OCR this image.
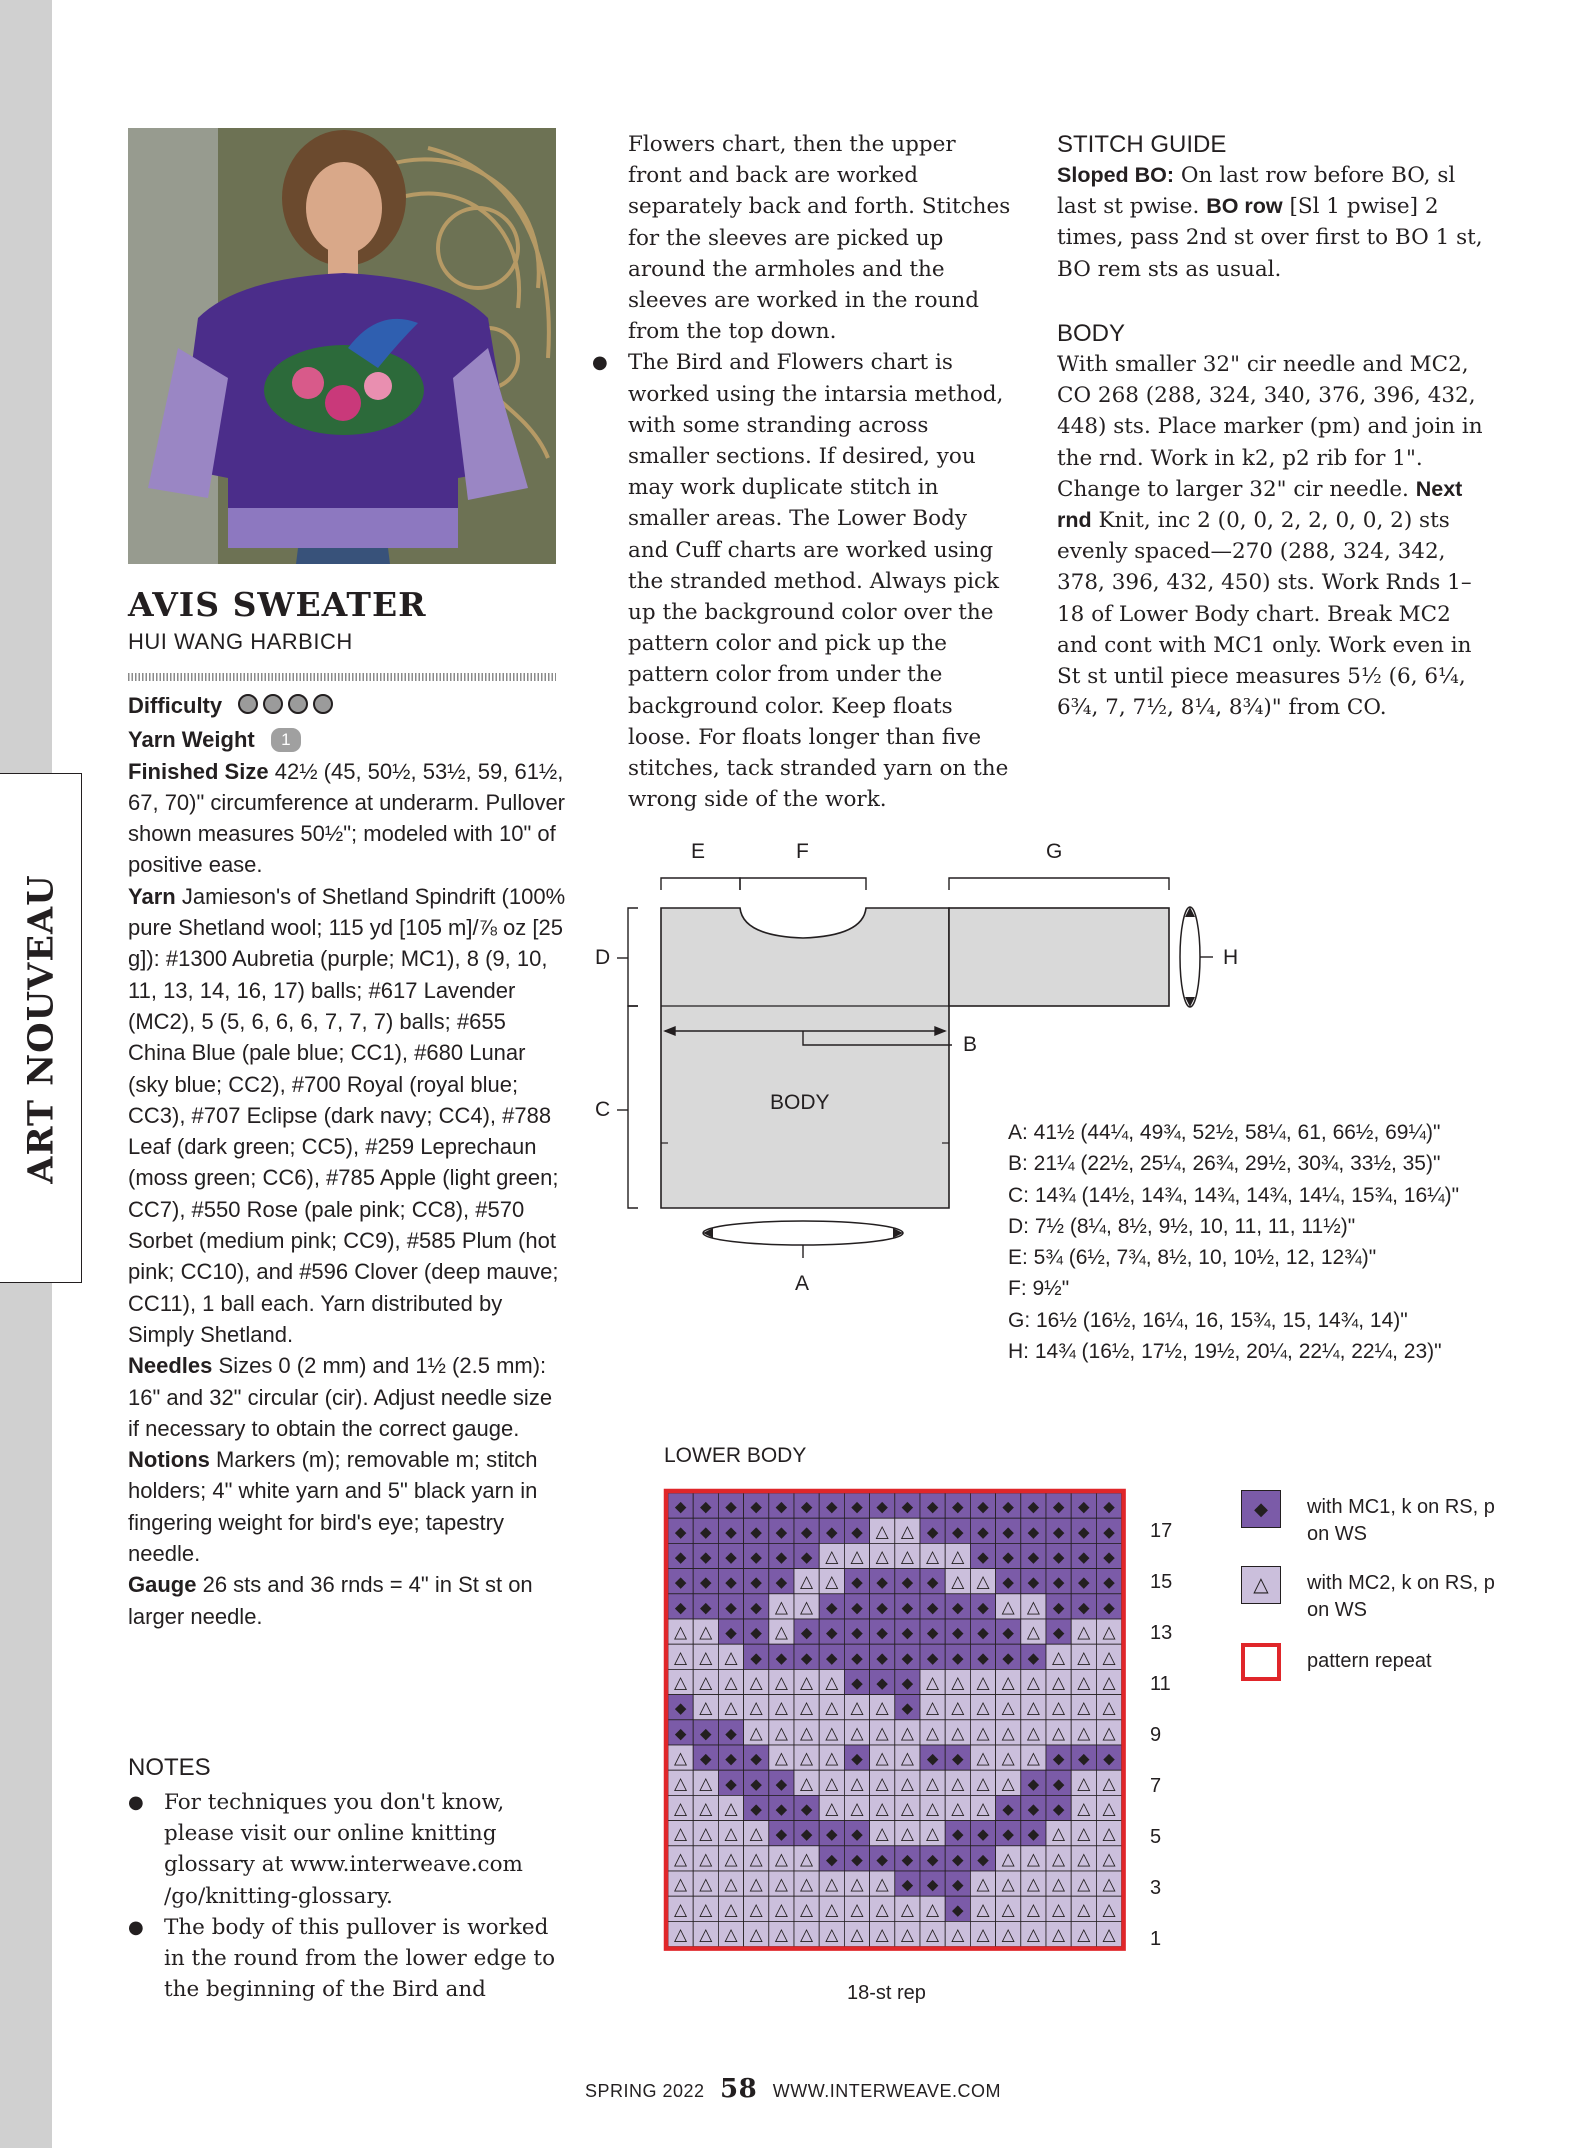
ART NOUVEAU
AVIS SWEATER
HUI WANG HARBICH
Difficulty
Yarn Weight 1
Finished Size 42½ (45, 50½, 53½, 59, 61½, 67, 70)" circumference at underarm. Pullover shown measures 50½"; modeled with 10" of positive ease.
Yarn Jamieson's of Shetland Spindrift (100% pure Shetland wool; 115 yd [105 m]/⅞ oz [25 g]): #1300 Aubretia (purple; MC1), 8 (9, 10, 11, 13, 14, 16, 17) balls; #617 Lavender (MC2), 5 (5, 6, 6, 6, 7, 7, 7) balls; #655 China Blue (pale blue; CC1), #680 Lunar (sky blue; CC2), #700 Royal (royal blue; CC3), #707 Eclipse (dark navy; CC4), #788 Leaf (dark green; CC5), #259 Leprechaun (moss green; CC6), #785 Apple (light green; CC7), #550 Rose (pale pink; CC8), #570 Sorbet (medium pink; CC9), #585 Plum (hot pink; CC10), and #596 Clover (deep mauve; CC11), 1 ball each. Yarn distributed by Simply Shetland.
Needles Sizes 0 (2 mm) and 1½ (2.5 mm): 16" and 32" circular (cir). Adjust needle size if necessary to obtain the correct gauge.
Notions Markers (m); removable m; stitch holders; 4" white yarn and 5" black yarn in fingering weight for bird's eye; tapestry needle.
Gauge 26 sts and 36 rnds = 4" in St st on larger needle.
NOTES
● For techniques you don't know, please visit our online knitting glossary at www.interweave.com /go/knitting-glossary.
● The body of this pullover is worked in the round from the lower edge to the beginning of the Bird and
Flowers chart, then the upper front and back are worked separately back and forth. Stitches for the sleeves are picked up around the armholes and the sleeves are worked in the round from the top down.
● The Bird and Flowers chart is worked using the intarsia method, with some stranding across smaller sections. If desired, you may work duplicate stitch in smaller areas. The Lower Body and Cuff charts are worked using the stranded method. Always pick up the background color over the pattern color and pick up the pattern color from under the background color. Keep floats loose. For floats longer than five stitches, tack stranded yarn on the wrong side of the work.
STITCH GUIDE
Sloped BO: On last row before BO, sl last st pwise. BO row [Sl 1 pwise] 2 times, pass 2nd st over first to BO 1 st, BO rem sts as usual.
BODY
With smaller 32" cir needle and MC2, CO 268 (288, 324, 340, 376, 396, 432, 448) sts. Place marker (pm) and join in the rnd. Work in k2, p2 rib for 1". Change to larger 32" cir needle. Next rnd Knit, inc 2 (0, 0, 2, 2, 0, 0, 2) sts evenly spaced—270 (288, 324, 342, 378, 396, 432, 450) sts. Work Rnds 1–18 of Lower Body chart. Break MC2 and cont with MC1 only. Work even in St st until piece measures 5½ (6, 6¼, 6¾, 7, 7½, 8¼, 8¾)" from CO.
E	F	G
H
D
C
B
A
BODY
A: 41½ (44¼, 49¾, 52½, 58¼, 61, 66½, 69¼)"
B: 21¼ (22½, 25¼, 26¾, 29½, 30¾, 33½, 35)"
C: 14¾ (14½, 14¾, 14¾, 14¾, 14¼, 15¾, 16¼)"
D: 7½ (8¼, 8½, 9½, 10, 11, 11, 11½)"
E: 5¾ (6½, 7¾, 8½, 10, 10½, 12, 12¾)"
F: 9½"
G: 16½ (16½, 16¼, 16, 15¾, 15, 14¾, 14)"
H: 14¾ (16½, 17½, 19½, 20¼, 22¼, 22¼, 23)"
LOWER BODY
◆ ◆ ◆ ◆ ◆ ◆ ◆ ◆ ◆ ◆ ◆ ◆ ◆ ◆ ◆ ◆ ◆ ◆
◆ ◆ ◆ ◆ ◆ ◆ ◆ ◆ △ △ ◆ ◆ ◆ ◆ ◆ ◆ ◆ ◆
◆ ◆ ◆ ◆ ◆ ◆ △ △ △ △ △ △ ◆ ◆ ◆ ◆ ◆ ◆
◆ ◆ ◆ ◆ ◆ △ △ ◆ ◆ ◆ ◆ △ △ ◆ ◆ ◆ ◆ ◆
◆ ◆ ◆ ◆ △ △ ◆ ◆ ◆ ◆ ◆ ◆ ◆ △ △ ◆ ◆ ◆
△ △ ◆ ◆ △ ◆ ◆ ◆ ◆ ◆ ◆ ◆ ◆ ◆ △ ◆ △ △
△ △ △ ◆ ◆ ◆ ◆ ◆ ◆ ◆ ◆ ◆ ◆ ◆ ◆ △ △ △
△ △ △ △ △ △ △ ◆ ◆ ◆ △ △ △ △ △ △ △ △
◆ △ △ △ △ △ △ △ △ ◆ △ △ △ △ △ △ △ △
◆ ◆ ◆ △ △ △ △ △ △ △ △ △ △ △ △ △ △ △
△ ◆ ◆ ◆ △ △ △ ◆ △ △ ◆ ◆ △ △ △ ◆ ◆ ◆
△ △ ◆ ◆ ◆ △ △ △ △ △ △ △ △ △ ◆ ◆ △ △
△ △ △ ◆ ◆ ◆ △ △ △ △ △ △ △ ◆ ◆ ◆ △ △
△ △ △ △ ◆ ◆ ◆ ◆ △ △ △ ◆ ◆ ◆ ◆ △ △ △
△ △ △ △ △ △ ◆ ◆ ◆ ◆ ◆ ◆ ◆ △ △ △ △ △
△ △ △ △ △ △ △ △ △ ◆ ◆ ◆ △ △ △ △ △ △
△ △ △ △ △ △ △ △ △ △ △ ◆ △ △ △ △ △ △
△ △ △ △ △ △ △ △ △ △ △ △ △ △ △ △ △ △
17
15
13
11
9
7
5
3
1
18-st rep
◆	with MC1, k on RS, p on WS
△	with MC2, k on RS, p on WS
pattern repeat
SPRING 2022 58 WWW.INTERWEAVE.COM
